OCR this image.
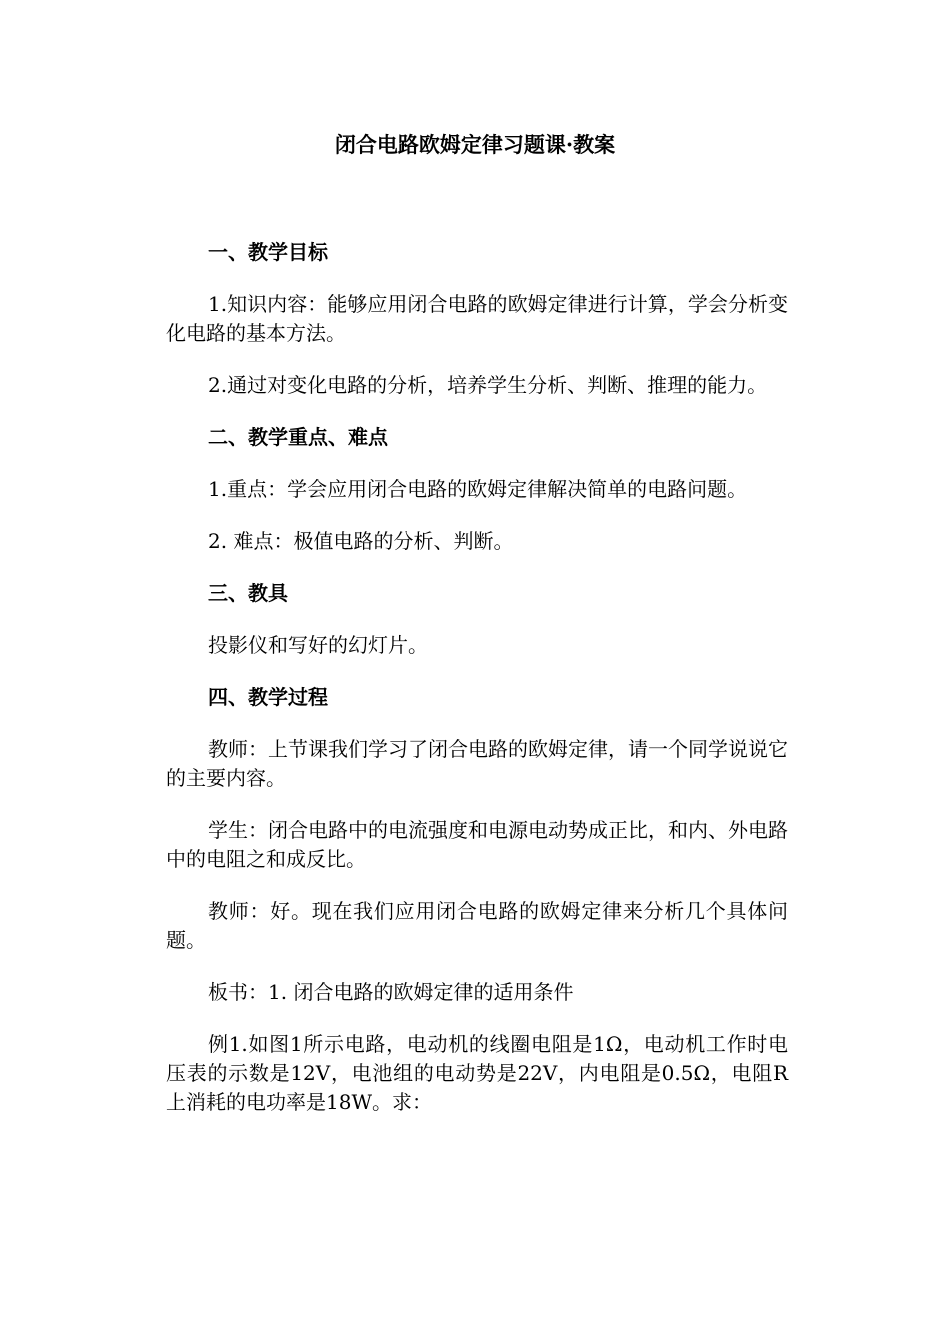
闭合电路欧姆定律习题课·教案
一、教学目标

1.知识内容：能够应用闭合电路的欧姆定律进行计算，学会分析变化电路的基本方法。

2.通过对变化电路的分析，培养学生分析、判断、推理的能力。

二、教学重点、难点

1.重点：学会应用闭合电路的欧姆定律解决简单的电路问题。

2. 难点：极值电路的分析、判断。

三、教具

投影仪和写好的幻灯片。

四、教学过程

教师：上节课我们学习了闭合电路的欧姆定律，请一个同学说说它的主要内容。

学生：闭合电路中的电流强度和电源电动势成正比，和内、外电路中的电阻之和成反比。

教师：好。现在我们应用闭合电路的欧姆定律来分析几个具体问题。

板书：1. 闭合电路的欧姆定律的适用条件

例1.如图1所示电路，电动机的线圈电阻是1Ω，电动机工作时电压表的示数是12V，电池组的电动势是22V，内电阻是0.5Ω，电阻R上消耗的电功率是18W。求：
